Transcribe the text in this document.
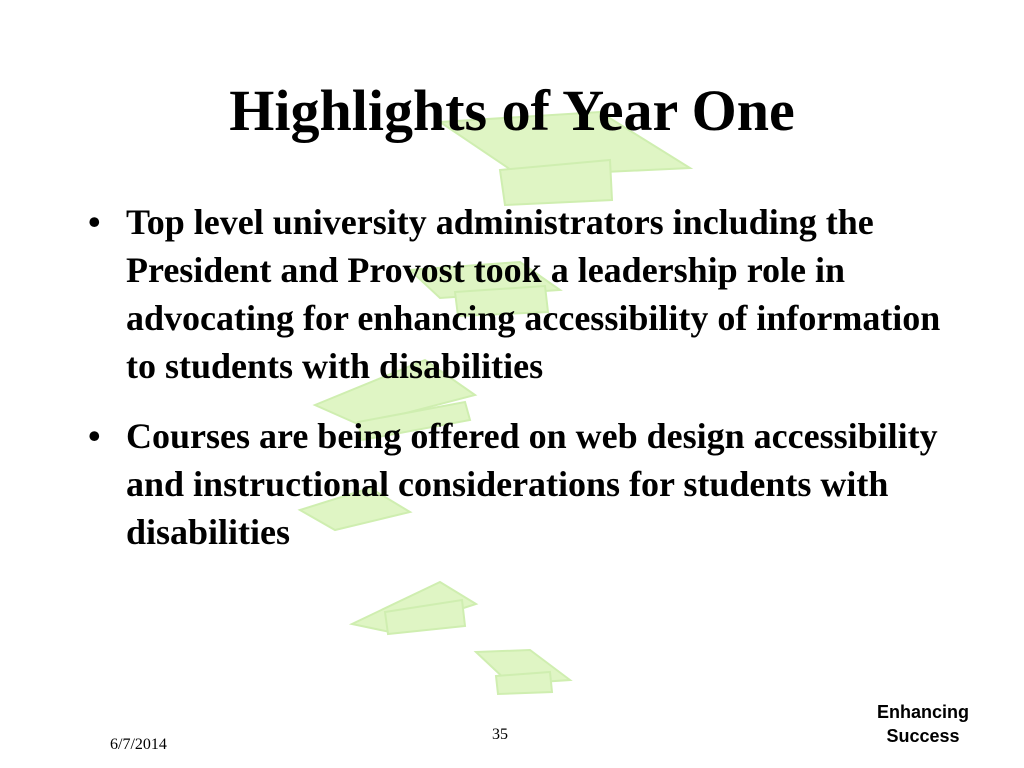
Highlights of Year One
• Top level university administrators including the President and Provost took a leadership role in advocating for enhancing accessibility of information to students with disabilities
• Courses are being offered on web design accessibility and instructional considerations for students with disabilities
6/7/2014
35
Enhancing
Success
